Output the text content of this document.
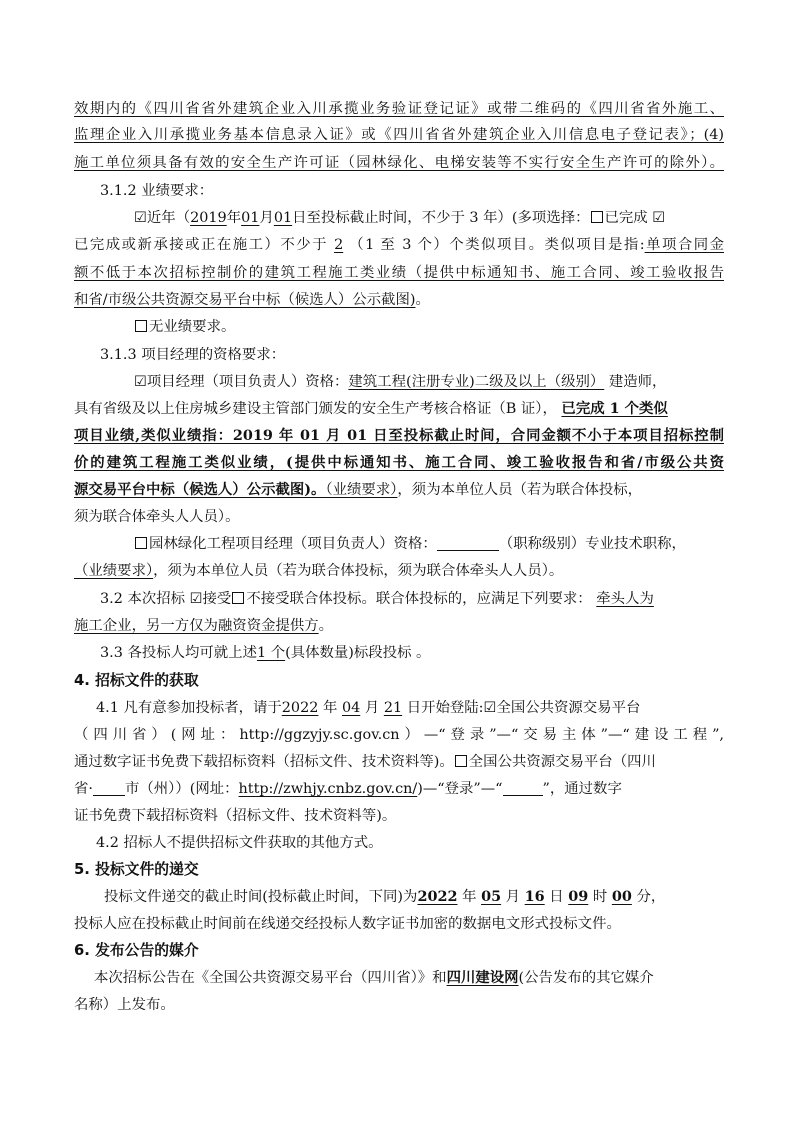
效期内的《四川省省外建筑企业入川承揽业务验证登记证》或带二维码的《四川省省外施工、
监理企业入川承揽业务基本信息录入证》或《四川省省外建筑企业入川信息电子登记表》；(4)
施工单位须具备有效的安全生产许可证（园林绿化、电梯安装等不实行安全生产许可的除外）。
3.1.2 业绩要求：
☑近年（2019年01月01日至投标截止时间，不少于 3 年）(多项选择： 已完成 ☑
已完成或新承接或正在施工）不少于 2 （1 至 3 个）个类似项目。类似项目是指:单项合同金
额不低于本次招标控制价的建筑工程施工类业绩（提供中标通知书、施工合同、竣工验收报告
和省/市级公共资源交易平台中标（候选人）公示截图)。
无业绩要求。
3.1.3 项目经理的资格要求：
☑项目经理（项目负责人）资格：建筑工程(注册专业)二级及以上（级别） 建造师，
具有省级及以上住房城乡建设主管部门颁发的安全生产考核合格证（B 证）， 已完成 1 个类似
项目业绩,类似业绩指：2019 年 01 月 01 日至投标截止时间，合同金额不小于本项目招标控制
价的建筑工程施工类似业绩，(提供中标通知书、施工合同、竣工验收报告和省/市级公共资
源交易平台中标（候选人）公示截图)。（业绩要求），须为本单位人员（若为联合体投标，
须为联合体牵头人人员）。
园林绿化工程项目经理（项目负责人）资格：	（职称级别）专业技术职称，
（业绩要求），须为本单位人员（若为联合体投标，须为联合体牵头人人员）。
3.2 本次招标 ☑接受 不接受联合体投标。联合体投标的，应满足下列要求： 牵头人为
施工企业，另一方仅为融资资金提供方。
3.3 各投标人均可就上述1 个(具体数量)标段投标 。
4. 招标文件的获取
4.1 凡有意参加投标者，请于2022 年 04 月 21 日开始登陆:☑全国公共资源交易平台
（四川省）(网址：http://ggzyjy.sc.gov.cn）—“登录”—“交易主体”—“建设工程”,
通过数字证书免费下载招标资料（招标文件、技术资料等)。 全国公共资源交易平台（四川
省· 市（州））(网址：http://zwhjy.cnbz.gov.cn/)—“登录”—“	”，通过数字
证书免费下载招标资料（招标文件、技术资料等)。
4.2 招标人不提供招标文件获取的其他方式。
5. 投标文件的递交
投标文件递交的截止时间(投标截止时间，下同)为2022 年 05 月 16 日 09 时 00 分，
投标人应在投标截止时间前在线递交经投标人数字证书加密的数据电文形式投标文件。
6. 发布公告的媒介
本次招标公告在《全国公共资源交易平台（四川省）》和四川建设网(公告发布的其它媒介
名称）上发布。
